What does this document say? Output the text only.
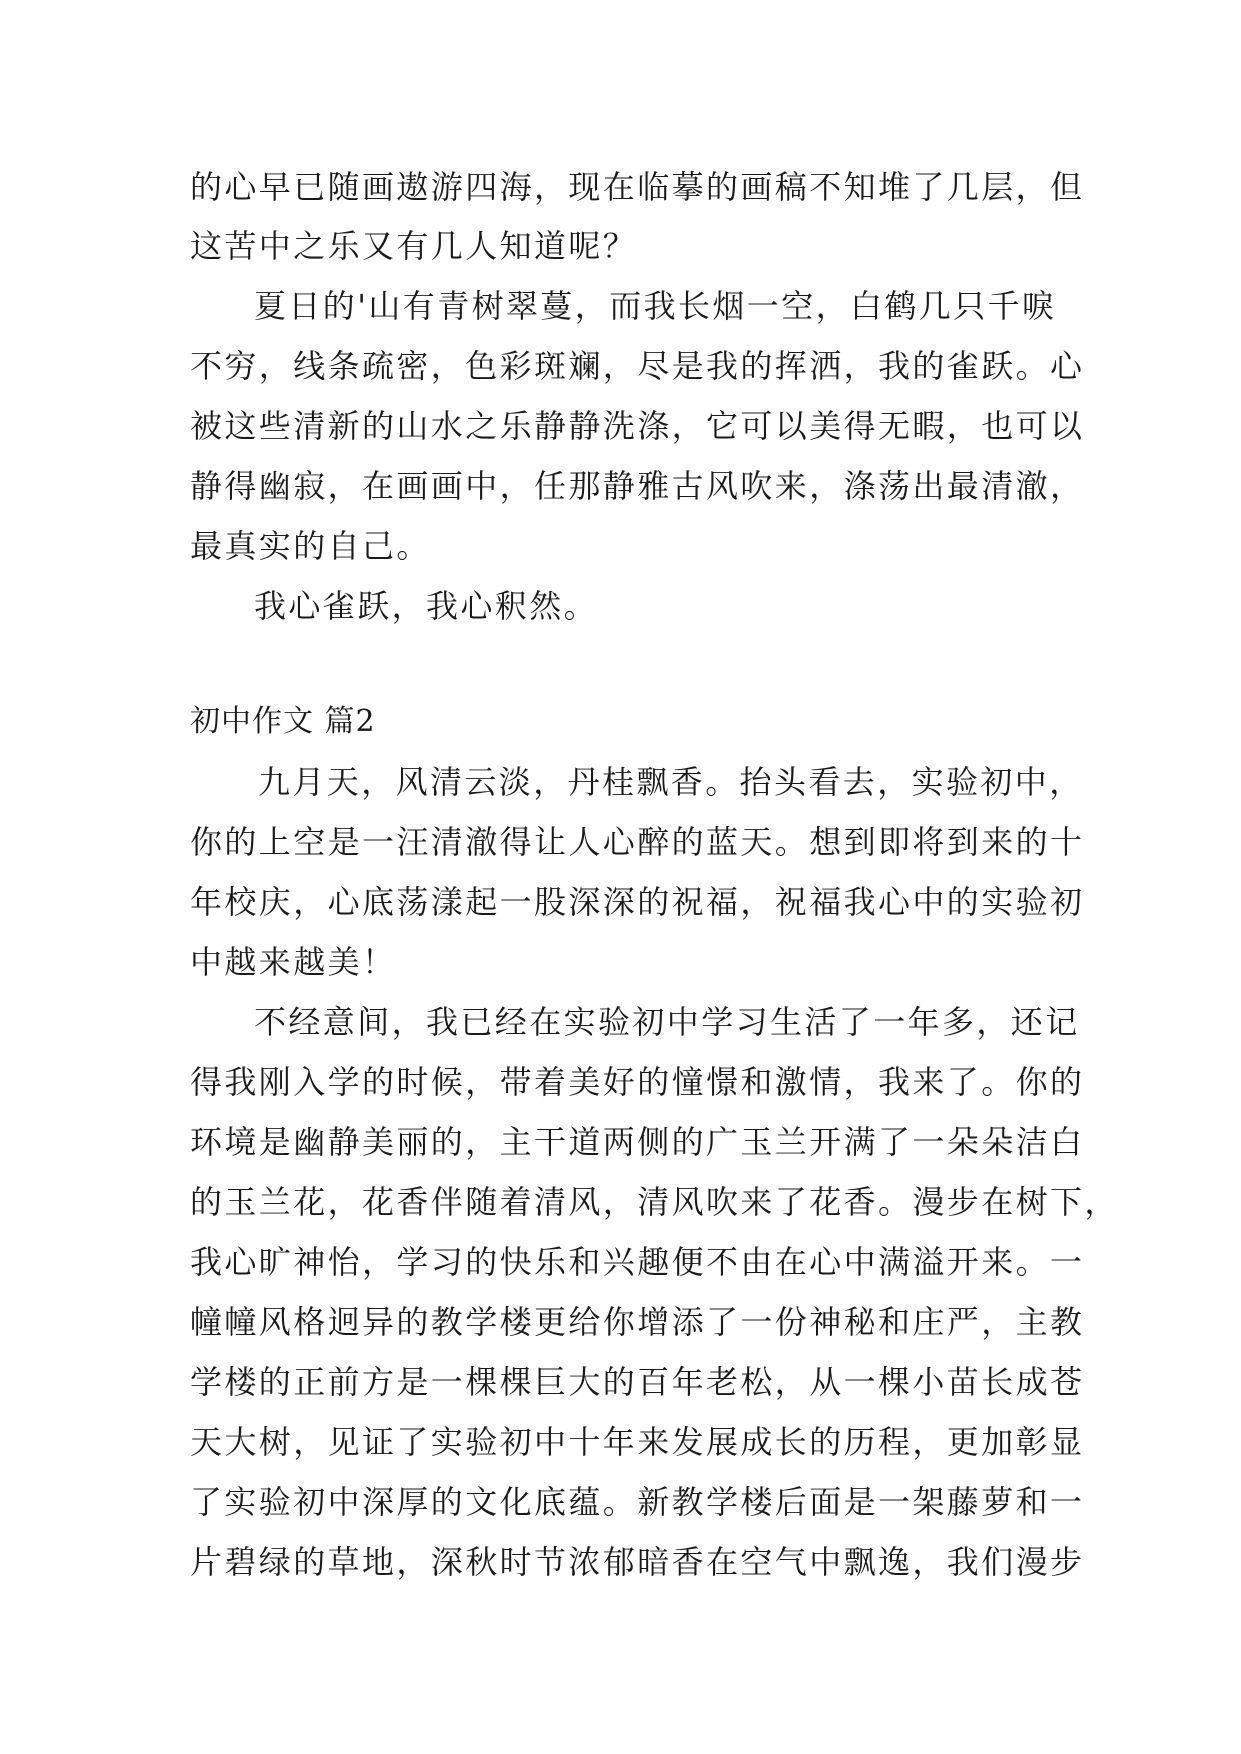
的心早已随画遨游四海，现在临摹的画稿不知堆了几层，但
这苦中之乐又有几人知道呢？
夏日的'山有青树翠蔓，而我长烟一空，白鹤几只千唳
不穷，线条疏密，色彩斑斓，尽是我的挥洒，我的雀跃。心
被这些清新的山水之乐静静洗涤，它可以美得无暇，也可以
静得幽寂，在画画中，任那静雅古风吹来，涤荡出最清澈，
最真实的自己。
我心雀跃，我心釈然。
初中作文 篇2
九月天，风清云淡，丹桂飘香。抬头看去，实验初中，
你的上空是一汪清澈得让人心醉的蓝天。想到即将到来的十
年校庆，心底荡漾起一股深深的祝福，祝福我心中的实验初
中越来越美！
不经意间，我已经在实验初中学习生活了一年多，还记
得我刚入学的时候，带着美好的憧憬和激情，我来了。你的
环境是幽静美丽的，主干道两侧的广玉兰开满了一朵朵洁白
的玉兰花，花香伴随着清风，清风吹来了花香。漫步在树下，
我心旷神怡，学习的快乐和兴趣便不由在心中满溢开来。一
幢幢风格迥异的教学楼更给你增添了一份神秘和庄严，主教
学楼的正前方是一棵棵巨大的百年老松，从一棵小苗长成苍
天大树，见证了实验初中十年来发展成长的历程，更加彰显
了实验初中深厚的文化底蕴。新教学楼后面是一架藤萝和一
片碧绿的草地，深秋时节浓郁暗香在空气中飘逸，我们漫步
